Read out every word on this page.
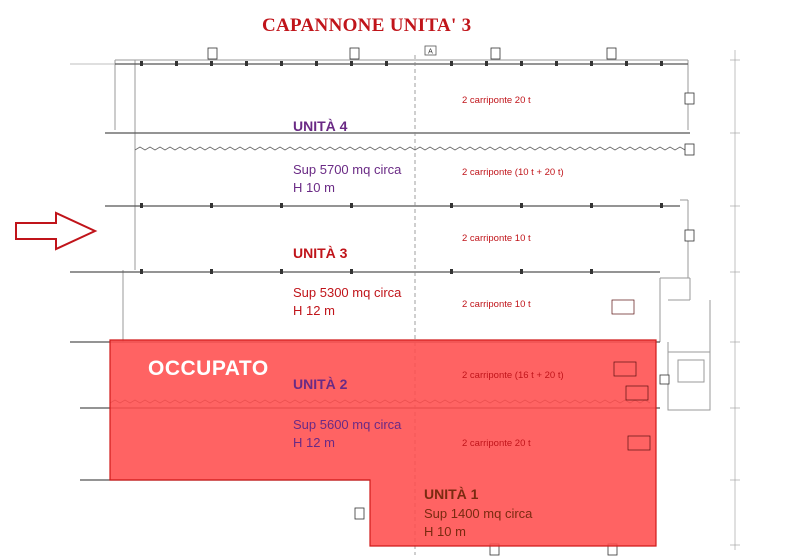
A
CAPANNONE UNITA' 3
UNITÀ 4
Sup 5700 mq circa
H 10 m
UNITÀ 3
Sup 5300 mq circa
H 12 m
OCCUPATO
UNITÀ 2
Sup 5600 mq circa
H 12 m
UNITÀ 1
Sup 1400 mq circa
H 10 m
2 carriponte 20 t
2 carriponte (10 t + 20 t)
2 carriponte 10 t
2 carriponte 10 t
2 carriponte (16 t + 20 t)
2 carriponte 20 t
